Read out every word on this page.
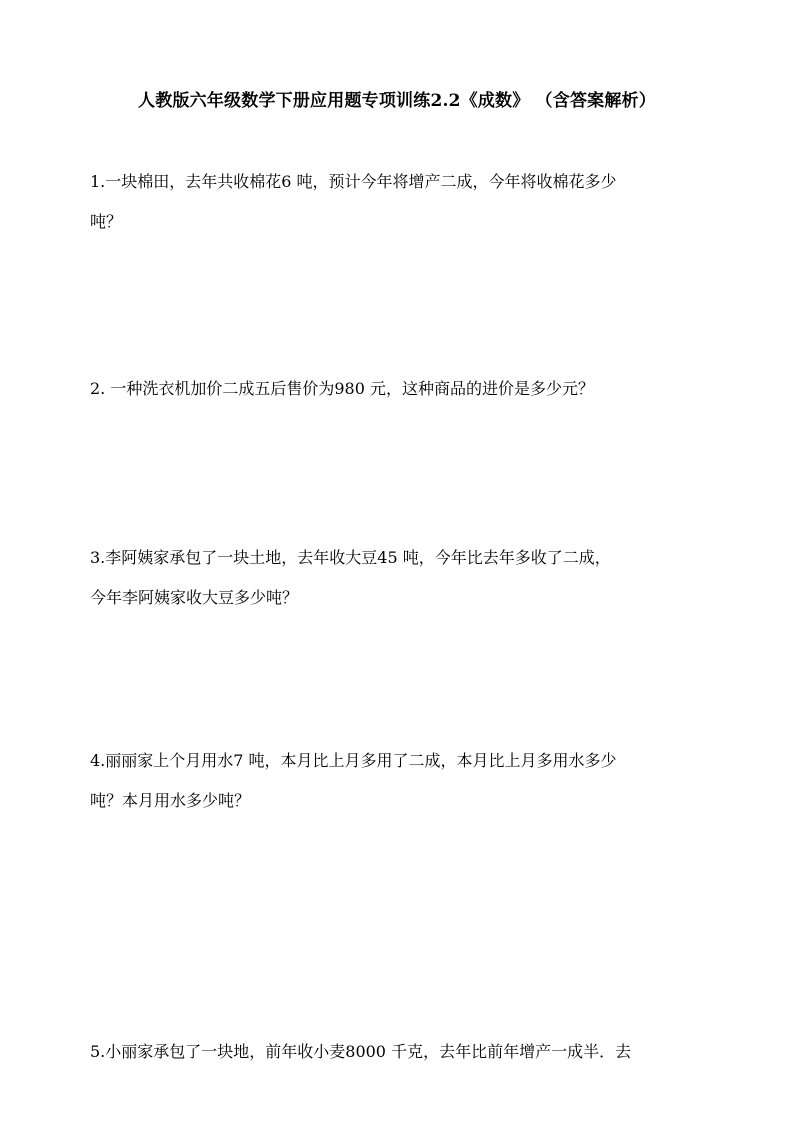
人教版六年级数学下册应用题专项训练2.2《成数》 （含答案解析）
1.一块棉田，去年共收棉花6 吨，预计今年将增产二成，今年将收棉花多少
吨？
2. 一种洗衣机加价二成五后售价为980 元，这种商品的进价是多少元？
3.李阿姨家承包了一块土地，去年收大豆45 吨，今年比去年多收了二成，
今年李阿姨家收大豆多少吨？
4.丽丽家上个月用水7 吨，本月比上月多用了二成，本月比上月多用水多少
吨？本月用水多少吨？
5.小丽家承包了一块地，前年收小麦8000 千克，去年比前年增产一成半．去
